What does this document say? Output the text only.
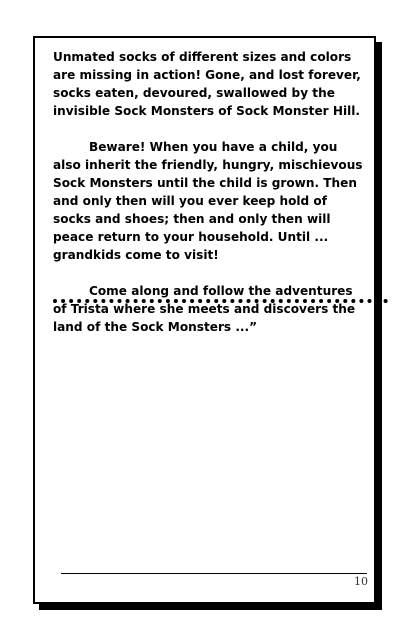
Unmated socks of different sizes and colors are missing in action! Gone, and lost forever, socks eaten, devoured, swallowed by the invisible Sock Monsters of Sock Monster Hill.

Beware! When you have a child, you also inherit the friendly, hungry, mischievous Sock Monsters until the child is grown. Then and only then will you ever keep hold of socks and shoes; then and only then will peace return to your household. Until ... grandkids come to visit!

Come along and follow the adventures of Trista where she meets and discovers the land of the Sock Monsters ...”

10
